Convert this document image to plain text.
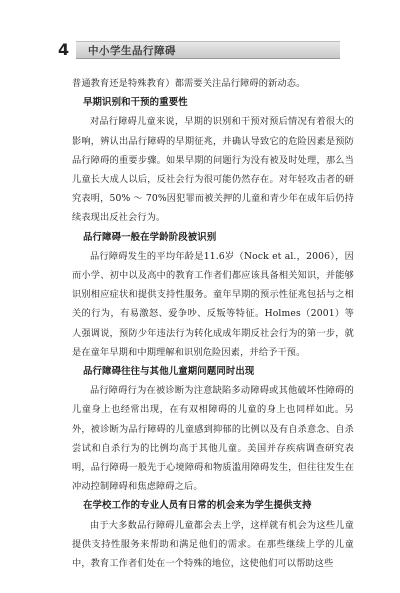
4 中小学生品行障碍

普通教育还是特殊教育）都需要关注品行障碍的新动态。

早期识别和干预的重要性

对品行障碍儿童来说，早期的识别和干预对预后情况有着很大的影响，辨认出品行障碍的早期征兆，并确认导致它的危险因素是预防品行障碍的重要步骤。如果早期的问题行为没有被及时处理，那么当儿童长大成人以后，反社会行为很可能仍然存在。对年轻攻击者的研究表明，50% ～ 70%因犯罪而被关押的儿童和青少年在成年后仍持续表现出反社会行为。

品行障碍一般在学龄阶段被识别

品行障碍发生的平均年龄是11.6岁（Nock et al.，2006），因而小学、初中以及高中的教育工作者们都应该具备相关知识，并能够识别相应症状和提供支持性服务。童年早期的预示性征兆包括与之相关的行为，有易激怒、爱争吵、反叛等特征。Holmes（2001）等人强调说，预防少年违法行为转化成成年期反社会行为的第一步，就是在童年早期和中期理解和识别危险因素，并给予干预。

品行障碍往往与其他儿童期问题同时出现

品行障碍行为在被诊断为注意缺陷多动障碍或其他破坏性障碍的儿童身上也经常出现，在有双相障碍的儿童的身上也同样如此。另外，被诊断为品行障碍的儿童感到抑郁的比例以及有自杀意念、自杀尝试和自杀行为的比例均高于其他儿童。美国并存疾病调查研究表明，品行障碍一般先于心境障碍和物质滥用障碍发生，但往往发生在冲动控制障碍和焦虑障碍之后。

在学校工作的专业人员有日常的机会来为学生提供支持

由于大多数品行障碍儿童都会去上学，这样就有机会为这些儿童提供支持性服务来帮助和满足他们的需求。在那些继续上学的儿童中，教育工作者们处在一个特殊的地位，这使他们可以帮助这些
